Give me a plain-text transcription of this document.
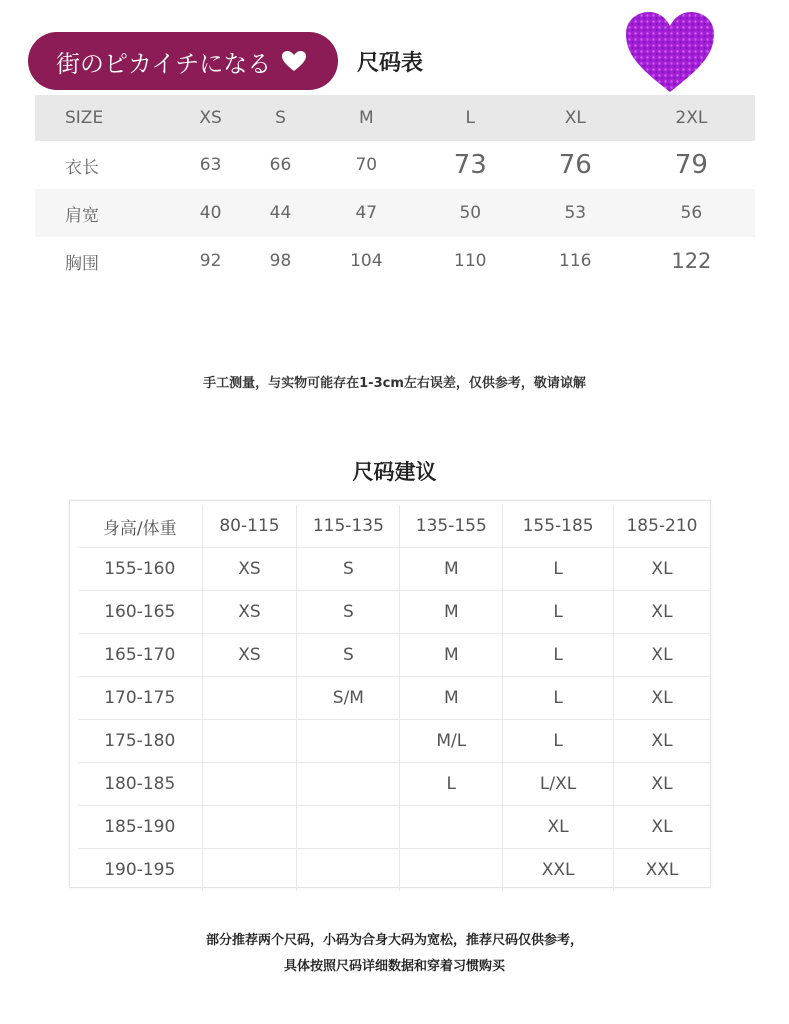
街のピカイチになる	尺码表
SIZE	XS	S	M	L	XL	2XL
衣长	63	66	70	73	76	79
肩宽	40	44	47	50	53	56
胸围	92	98	104	110	116	122
手工测量，与实物可能存在1-3cm左右误差，仅供参考，敬请谅解
尺码建议
身高/体重	80-115	115-135	135-155	155-185	185-210
155-160	XS	S	M	L	XL
160-165	XS	S	M	L	XL
165-170	XS	S	M	L	XL
170-175		S/M	M	L	XL
175-180			M/L	L	XL
180-185			L	L/XL	XL
185-190				XL	XL
190-195				XXL	XXL
部分推荐两个尺码，小码为合身大码为宽松，推荐尺码仅供参考，
具体按照尺码详细数据和穿着习惯购买
